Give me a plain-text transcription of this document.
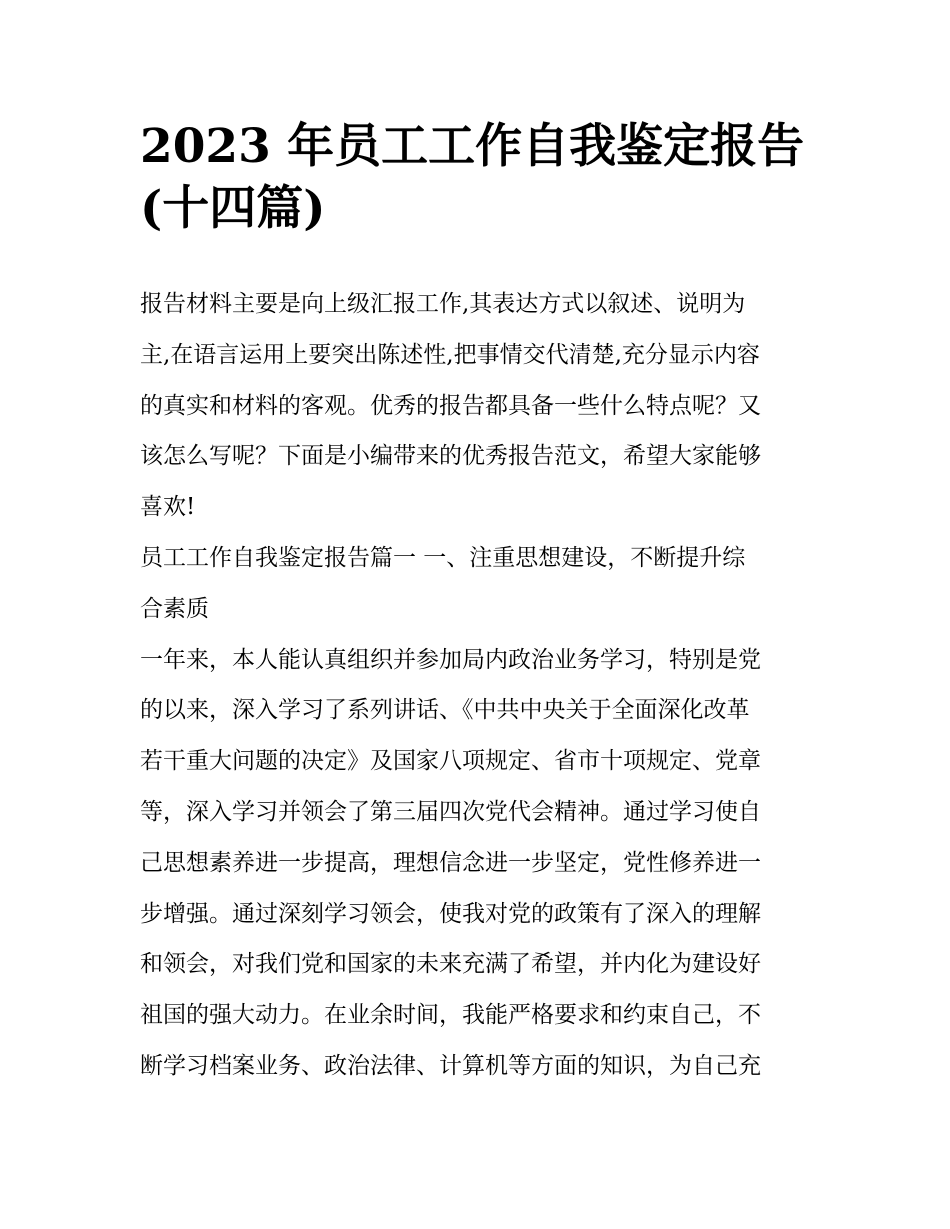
2023 年员工工作自我鉴定报告
(十四篇)
报告材料主要是向上级汇报工作,其表达方式以叙述、说明为
主,在语言运用上要突出陈述性,把事情交代清楚,充分显示内容
的真实和材料的客观。优秀的报告都具备一些什么特点呢？又
该怎么写呢？下面是小编带来的优秀报告范文，希望大家能够
喜欢!
员工工作自我鉴定报告篇一 一、注重思想建设，不断提升综
合素质
一年来，本人能认真组织并参加局内政治业务学习，特别是党
的以来，深入学习了系列讲话、《中共中央关于全面深化改革
若干重大问题的决定》及国家八项规定、省市十项规定、党章
等，深入学习并领会了第三届四次党代会精神。通过学习使自
己思想素养进一步提高，理想信念进一步坚定，党性修养进一
步增强。通过深刻学习领会，使我对党的政策有了深入的理解
和领会，对我们党和国家的未来充满了希望，并内化为建设好
祖国的强大动力。在业余时间，我能严格要求和约束自己，不
断学习档案业务、政治法律、计算机等方面的知识，为自己充
